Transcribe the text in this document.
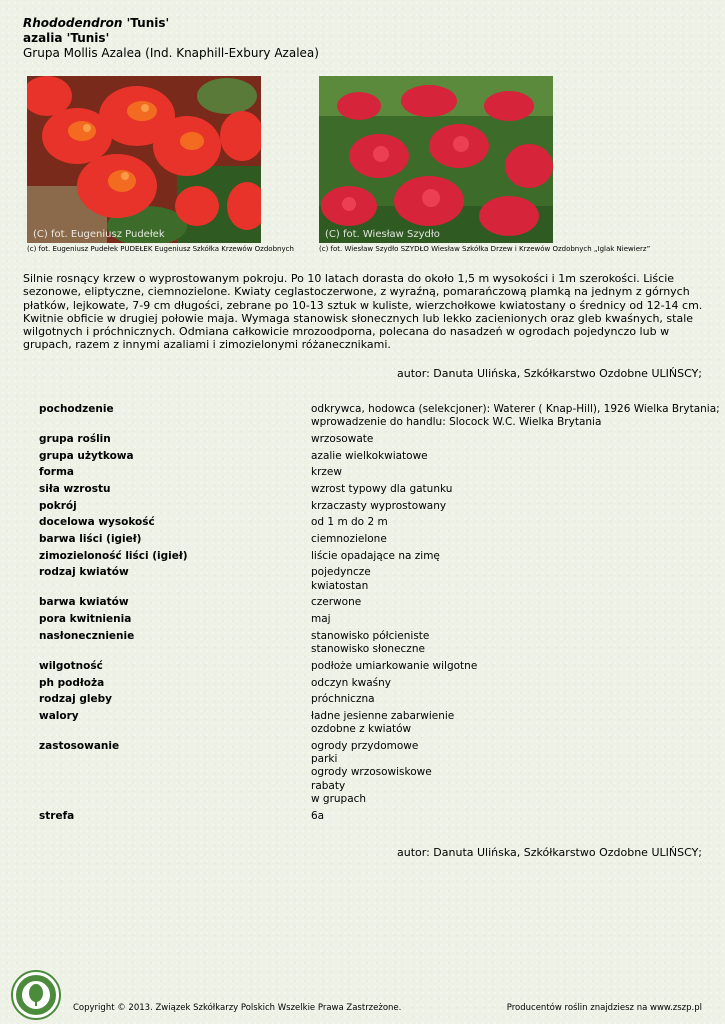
Rhododendron 'Tunis'
azalia 'Tunis'
Grupa Mollis Azalea (Ind. Knaphill-Exbury Azalea)
(C) fot. Eugeniusz Pudełek	(C) fot. Wiesław Szydło
(c) fot. Eugeniusz Pudełek PUDEŁEK Eugeniusz Szkółka Krzewów Ozdobnych	(c) fot. Wiesław Szydło SZYDŁO Wiesław Szkółka Drzew i Krzewów Ozdobnych „Iglak Niewierz”
Silnie rosnący krzew o wyprostowanym pokroju. Po 10 latach dorasta do około 1,5 m wysokości i 1m szerokości. Liście sezonowe, eliptyczne, ciemnozielone. Kwiaty ceglastoczerwone, z wyraźną, pomarańczową plamką na jednym z górnych płatków, lejkowate, 7-9 cm długości, zebrane po 10-13 sztuk w kuliste, wierzchołkowe kwiatostany o średnicy od 12-14 cm. Kwitnie obficie w drugiej połowie maja. Wymaga stanowisk słonecznych lub lekko zacienionych oraz gleb kwaśnych, stale wilgotnych i próchnicznych. Odmiana całkowicie mrozoodporna, polecana do nasadzeń w ogrodach pojedynczo lub w grupach, razem z innymi azaliami i zimozielonymi różanecznikami.
autor: Danuta Ulińska, Szkółkarstwo Ozdobne ULIŃSCY;
pochodzenie	odkrywca, hodowca (selekcjoner): Waterer ( Knap-Hill), 1926 Wielka Brytania;
wprowadzenie do handlu: Slocock W.C. Wielka Brytania
grupa roślin	wrzosowate
grupa użytkowa	azalie wielkokwiatowe
forma	krzew
siła wzrostu	wzrost typowy dla gatunku
pokrój	krzaczasty wyprostowany
docelowa wysokość	od 1 m do 2 m
barwa liści (igieł)	ciemnozielone
zimozieloność liści (igieł)	liście opadające na zimę
rodzaj kwiatów	pojedyncze
kwiatostan
barwa kwiatów	czerwone
pora kwitnienia	maj
nasłonecznienie	stanowisko półcieniste
stanowisko słoneczne
wilgotność	podłoże umiarkowanie wilgotne
ph podłoża	odczyn kwaśny
rodzaj gleby	próchniczna
walory	ładne jesienne zabarwienie
ozdobne z kwiatów
zastosowanie	ogrody przydomowe
parki
ogrody wrzosowiskowe
rabaty
w grupach
strefa	6a
autor: Danuta Ulińska, Szkółkarstwo Ozdobne ULIŃSCY;
Copyright © 2013. Związek Szkółkarzy Polskich Wszelkie Prawa Zastrzeżone.	Producentów roślin znajdziesz na www.zszp.pl
